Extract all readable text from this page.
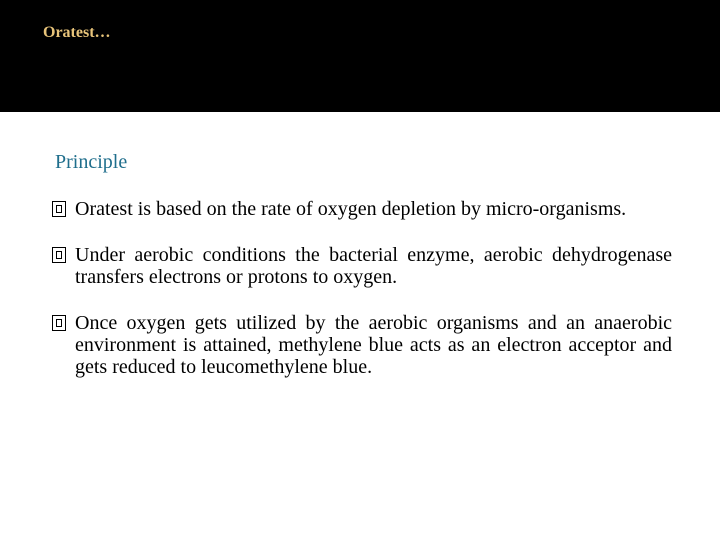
Oratest…
Principle
Oratest is based on the rate of oxygen depletion by micro-organisms.
Under aerobic conditions the bacterial enzyme, aerobic dehydrogenase transfers electrons or protons to oxygen.
Once oxygen gets utilized by the aerobic organisms and an anaerobic environment is attained, methylene blue acts as an electron acceptor and gets reduced to leucomethylene blue.
